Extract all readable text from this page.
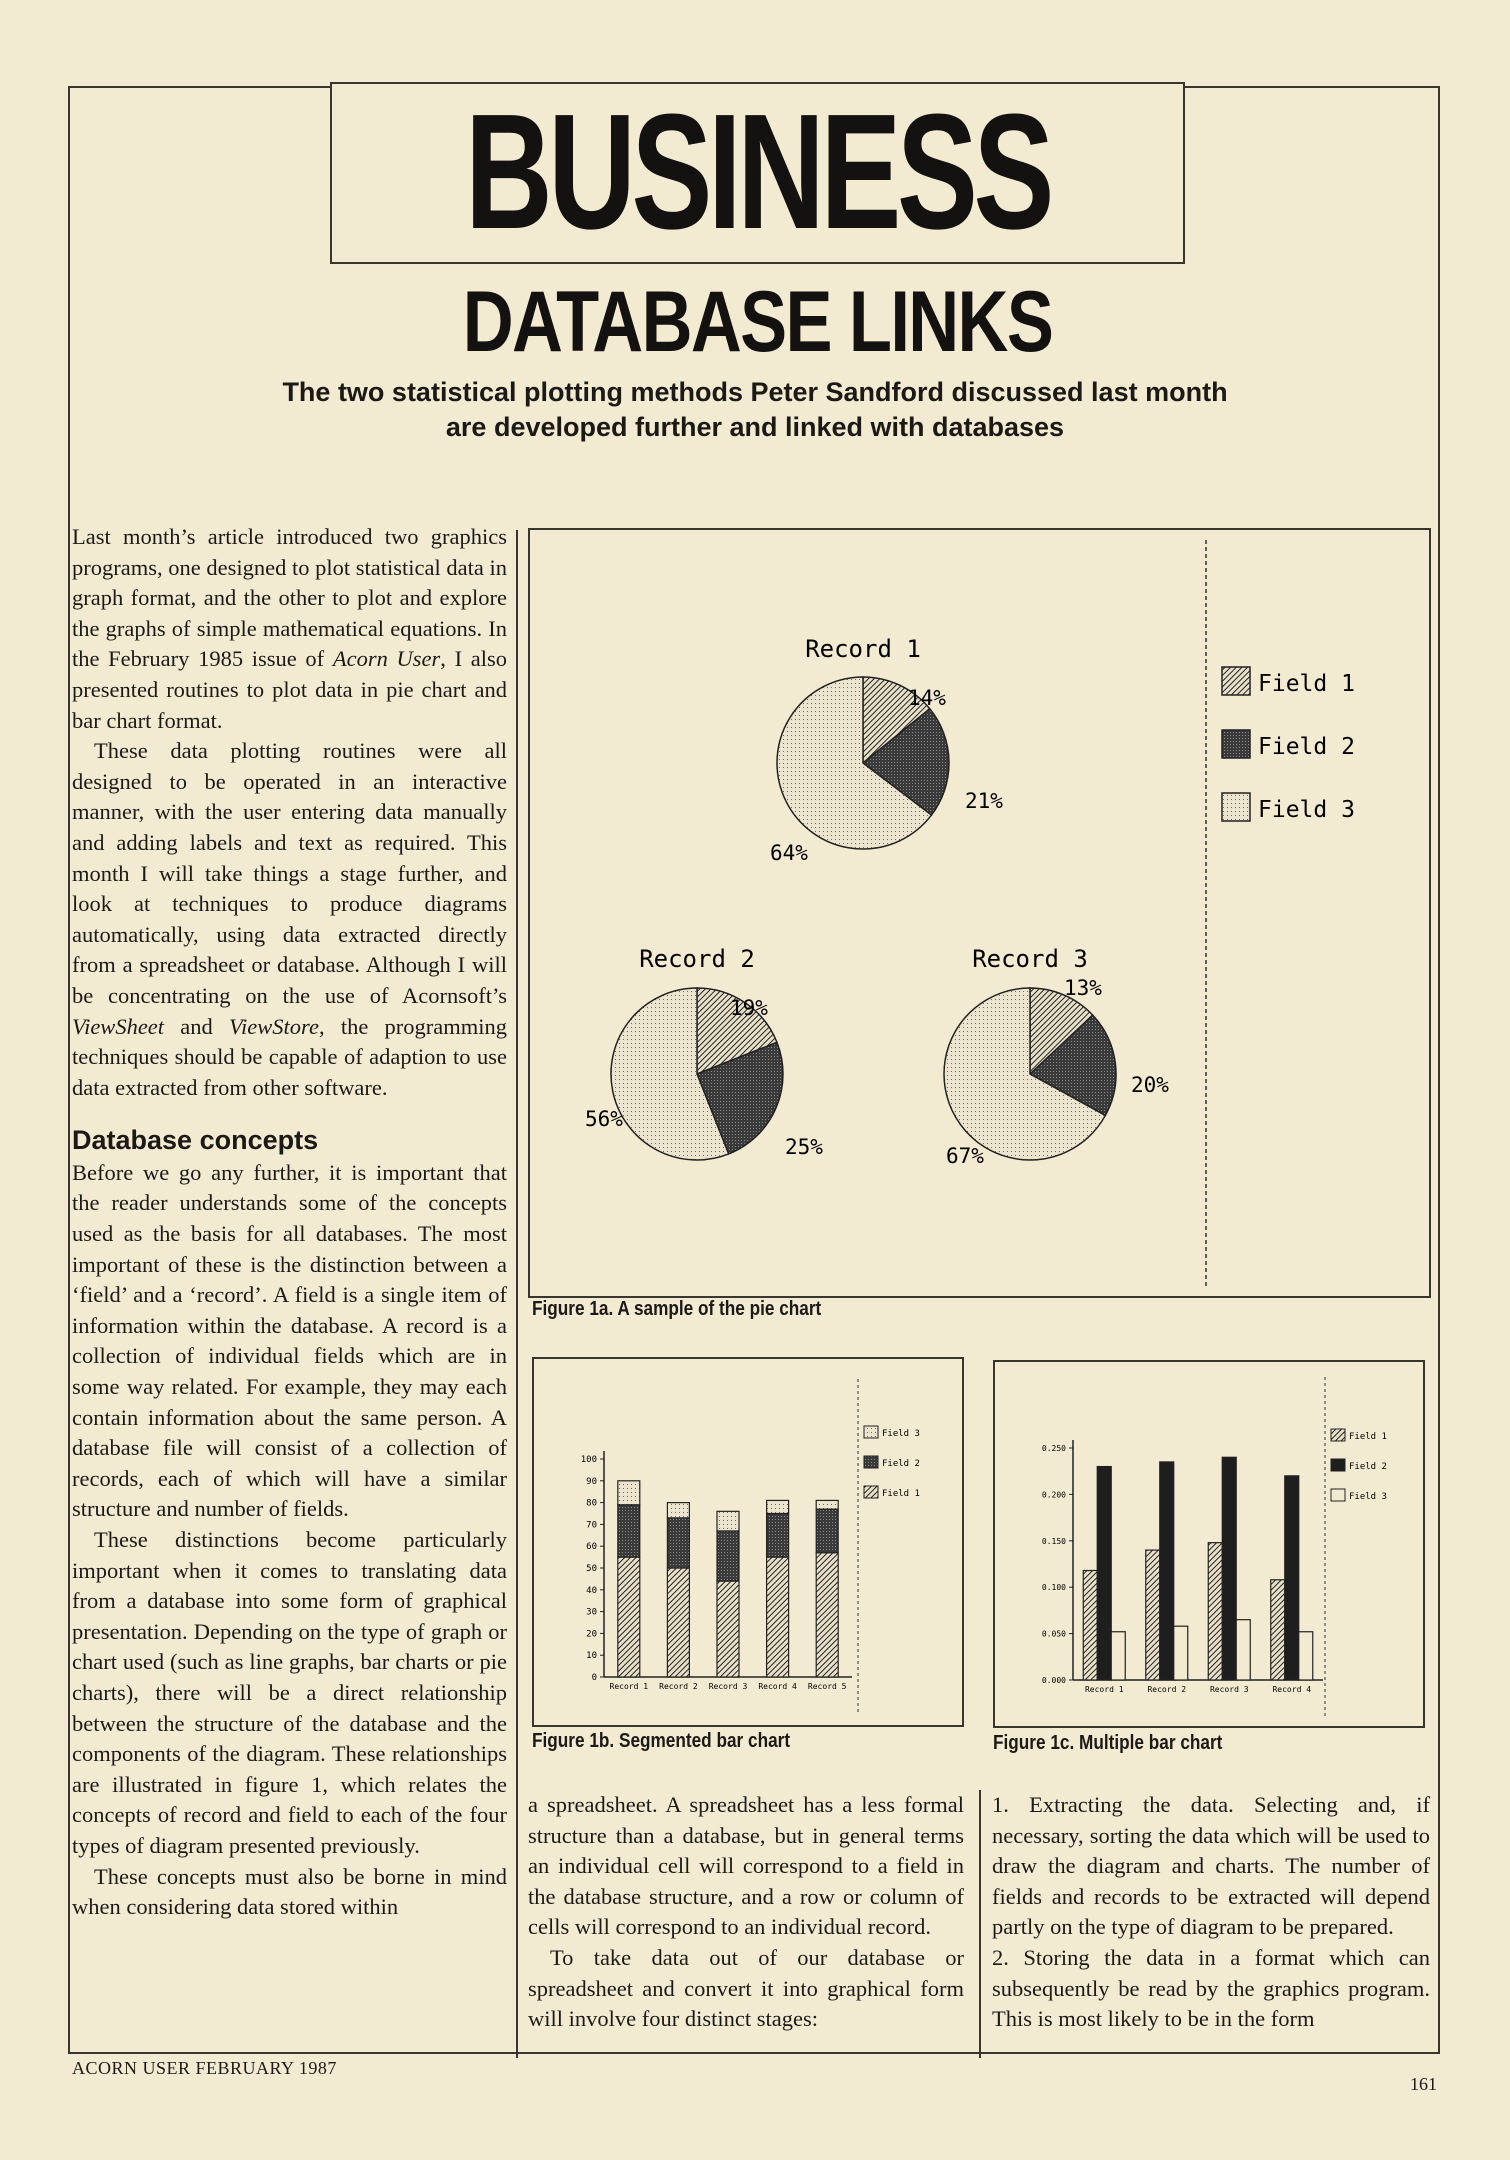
BUSINESS
DATABASE LINKS
The two statistical plotting methods Peter Sandford discussed last month
are developed further and linked with databases

Last month’s article introduced two graphics programs, one designed to plot statistical data in graph format, and the other to plot and explore the graphs of simple mathematical equations. In the February 1985 issue of Acorn User, I also presented routines to plot data in pie chart and bar chart format.

These data plotting routines were all designed to be operated in an interactive manner, with the user entering data manually and adding labels and text as required. This month I will take things a stage further, and look at techniques to produce diagrams automatically, using data extracted directly from a spreadsheet or database. Although I will be concentrating on the use of Acornsoft’s ViewSheet and ViewStore, the programming techniques should be capable of adaption to use data extracted from other software.

Database concepts

Before we go any further, it is important that the reader understands some of the concepts used as the basis for all databases. The most important of these is the distinction between a ‘field’ and a ‘record’. A field is a single item of information within the database. A record is a collection of individual fields which are in some way related. For example, they may each contain information about the same person. A database file will consist of a collection of records, each of which will have a similar structure and number of fields.

These distinctions become particularly important when it comes to translating data from a database into some form of graphical presentation. Depending on the type of graph or chart used (such as line graphs, bar charts or pie charts), there will be a direct relationship between the structure of the database and the components of the diagram. These relationships are illustrated in figure 1, which relates the concepts of record and field to each of the four types of diagram presented previously.

These concepts must also be borne in mind when considering data stored within

Field 1
Field 2
Field 3
Record 1
14%
21%
64%
Record 2
19%
25%
56%
Record 3
13%
20%
67%
Figure 1a. A sample of the pie chart
0
10
20
30
40
50
60
70
80
90
100
Record 1 Record 2 Record 3 Record 4 Record 5
Field 3
Field 2
Field 1
Figure 1b. Segmented bar chart
0.000
0.050
0.100
0.150
0.200
0.250
Record 1	Record 2	Record 3	Record 4
Field 1
Field 2
Field 3
Figure 1c. Multiple bar chart

a spreadsheet. A spreadsheet has a less formal structure than a database, but in general terms an individual cell will correspond to a field in the database structure, and a row or column of cells will correspond to an individual record.

To take data out of our database or spreadsheet and convert it into graphical form will involve four distinct stages:

1. Extracting the data. Selecting and, if necessary, sorting the data which will be used to draw the diagram and charts. The number of fields and records to be extracted will depend partly on the type of diagram to be prepared.

2. Storing the data in a format which can subsequently be read by the graphics program. This is most likely to be in the form

ACORN USER FEBRUARY 1987
161
